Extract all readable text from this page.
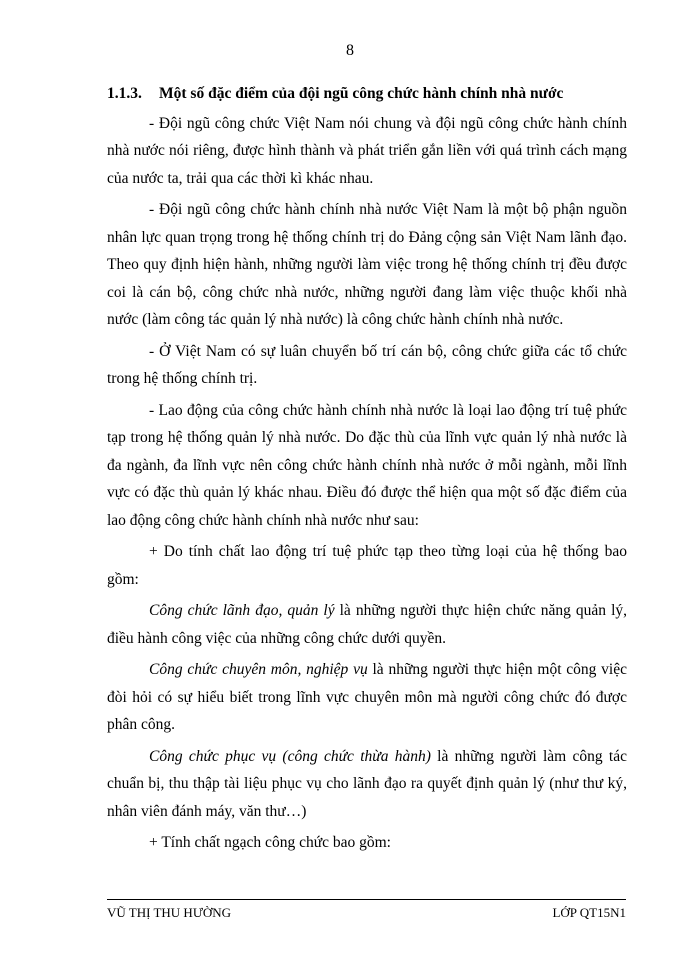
8
1.1.3. Một số đặc điểm của đội ngũ công chức hành chính nhà nước

- Đội ngũ công chức Việt Nam nói chung và đội ngũ công chức hành chính nhà nước nói riêng, được hình thành và phát triển gắn liền với quá trình cách mạng của nước ta, trải qua các thời kì khác nhau.

- Đội ngũ công chức hành chính nhà nước Việt Nam là một bộ phận nguồn nhân lực quan trọng trong hệ thống chính trị do Đảng cộng sản Việt Nam lãnh đạo. Theo quy định hiện hành, những người làm việc trong hệ thống chính trị đều được coi là cán bộ, công chức nhà nước, những người đang làm việc thuộc khối nhà nước (làm công tác quản lý nhà nước) là công chức hành chính nhà nước.

- Ở Việt Nam có sự luân chuyển bố trí cán bộ, công chức giữa các tổ chức trong hệ thống chính trị.

- Lao động của công chức hành chính nhà nước là loại lao động trí tuệ phức tạp trong hệ thống quản lý nhà nước. Do đặc thù của lĩnh vực quản lý nhà nước là đa ngành, đa lĩnh vực nên công chức hành chính nhà nước ở mỗi ngành, mỗi lĩnh vực có đặc thù quản lý khác nhau. Điều đó được thể hiện qua một số đặc điểm của lao động công chức hành chính nhà nước như sau:

+ Do tính chất lao động trí tuệ phức tạp theo từng loại của hệ thống bao gồm:

Công chức lãnh đạo, quản lý là những người thực hiện chức năng quản lý, điều hành công việc của những công chức dưới quyền.

Công chức chuyên môn, nghiệp vụ là những người thực hiện một công việc đòi hỏi có sự hiểu biết trong lĩnh vực chuyên môn mà người công chức đó được phân công.

Công chức phục vụ (công chức thừa hành) là những người làm công tác chuẩn bị, thu thập tài liệu phục vụ cho lãnh đạo ra quyết định quản lý (như thư ký, nhân viên đánh máy, văn thư…)

+ Tính chất ngạch công chức bao gồm:

VŨ THỊ THU HƯỜNG	LỚP QT15N1
